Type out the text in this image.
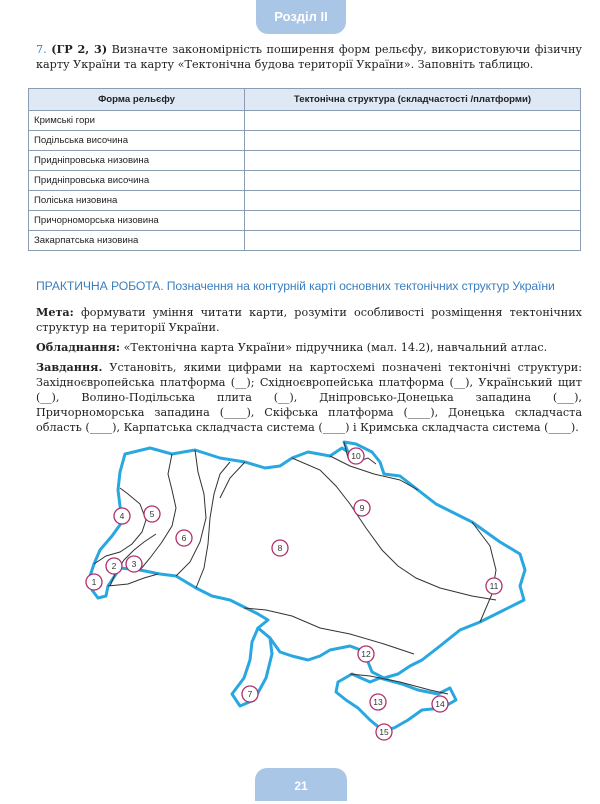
Розділ ІІ
7. (ГР 2, 3) Визначте закономірність поширення форм рельєфу, використовуючи фізичну карту України та карту «Тектонічна будова території України». Заповніть таблицю.
Форма рельєфу	Тектонічна структура (складчастості /платформи)
Кримські гори	
Подільська височина	
Придніпровська низовина	
Придніпровська височина	
Поліська низовина	
Причорноморська низовина	
Закарпатська низовина	
ПРАКТИЧНА РОБОТА. Позначення на контурній карті основних тектонічних структур України
Мета: формувати уміння читати карти, розуміти особливості розміщення тектонічних структур на території України.
Обладнання: «Тектонічна карта України» підручника (мал. 14.2), навчальний атлас.
Завдання. Установіть, якими цифрами на картосхемі позначені тектонічні структури: Західноєвропейська платформа (__); Східноєвропейська платформа (__), Український щит (__), Волино-Подільська плита (__), Дніпровсько-Донецька западина (___), Причорноморська западина (____), Скіфська платформа (____), Донецька складчаста область (____), Карпатська складчаста система (____) і Кримська складчаста система (____).
1
2 3
4	5
6
7
8
9
10
11
12
13	14
15
21
